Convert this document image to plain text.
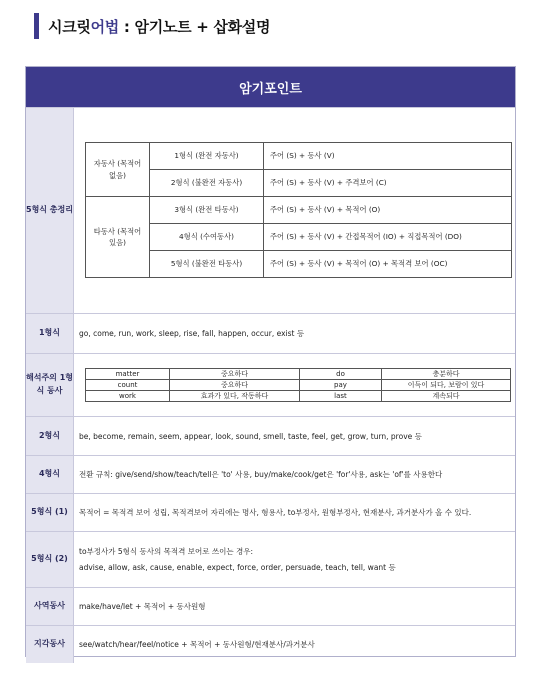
시크릿어법 : 암기노트 + 삽화설명
암기포인트
5형식 총정리
자동사 (목적어 없음)	1형식 (완전 자동사)	주어 (S) + 동사 (V)
	2형식 (불완전 자동사)	주어 (S) + 동사 (V) + 주격보어 (C)
타동사 (목적어 있음)	3형식 (완전 타동사)	주어 (S) + 동사 (V) + 목적어 (O)
	4형식 (수여동사)	주어 (S) + 동사 (V) + 간접목적어 (IO) + 직접목적어 (DO)
	5형식 (불완전 타동사)	주어 (S) + 동사 (V) + 목적어 (O) + 목적격 보어 (OC)
1형식	go, come, run, work, sleep, rise, fall, happen, occur, exist 등
해석주의 1형식 동사
matter	중요하다	do	충분하다
count	중요하다	pay	이득이 되다, 보람이 있다
work	효과가 있다, 작동하다	last	계속되다
2형식	be, become, remain, seem, appear, look, sound, smell, taste, feel, get, grow, turn, prove 등
4형식	전환 규칙: give/send/show/teach/tell은 'to' 사용, buy/make/cook/get은 'for'사용, ask는 'of'를 사용한다
5형식 (1)	목적어 = 목적격 보어 성립, 목적격보어 자리에는 명사, 형용사, to부정사, 원형부정사, 현재분사, 과거분사가 올 수 있다.
5형식 (2)
to부정사가 5형식 동사의 목적격 보어로 쓰이는 경우:
advise, allow, ask, cause, enable, expect, force, order, persuade, teach, tell, want 등
사역동사	make/have/let + 목적어 + 동사원형
지각동사	see/watch/hear/feel/notice + 목적어 + 동사원형/현재분사/과거분사
